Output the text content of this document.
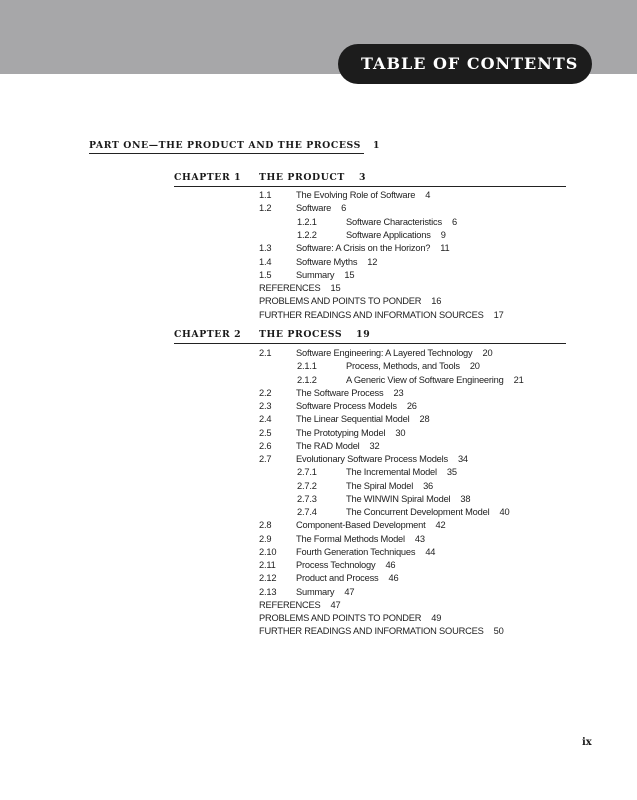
TABLE OF CONTENTS
PART ONE—THE PRODUCT AND THE PROCESS 1
CHAPTER 1 THE PRODUCT 3
1.1	The Evolving Role of Software 4
1.2	Software 6
1.2.1	Software Characteristics 6
1.2.2	Software Applications 9
1.3	Software: A Crisis on the Horizon? 11
1.4	Software Myths 12
1.5	Summary 15
REFERENCES 15
PROBLEMS AND POINTS TO PONDER 16
FURTHER READINGS AND INFORMATION SOURCES 17
CHAPTER 2 THE PROCESS 19
2.1	Software Engineering: A Layered Technology 20
2.1.1	Process, Methods, and Tools 20
2.1.2	A Generic View of Software Engineering 21
2.2	The Software Process 23
2.3	Software Process Models 26
2.4	The Linear Sequential Model 28
2.5	The Prototyping Model 30
2.6	The RAD Model 32
2.7	Evolutionary Software Process Models 34
2.7.1	The Incremental Model 35
2.7.2	The Spiral Model 36
2.7.3	The WINWIN Spiral Model 38
2.7.4	The Concurrent Development Model 40
2.8	Component-Based Development 42
2.9	The Formal Methods Model 43
2.10 Fourth Generation Techniques 44
2.11 Process Technology 46
2.12 Product and Process 46
2.13 Summary 47
REFERENCES 47
PROBLEMS AND POINTS TO PONDER 49
FURTHER READINGS AND INFORMATION SOURCES 50
ix
